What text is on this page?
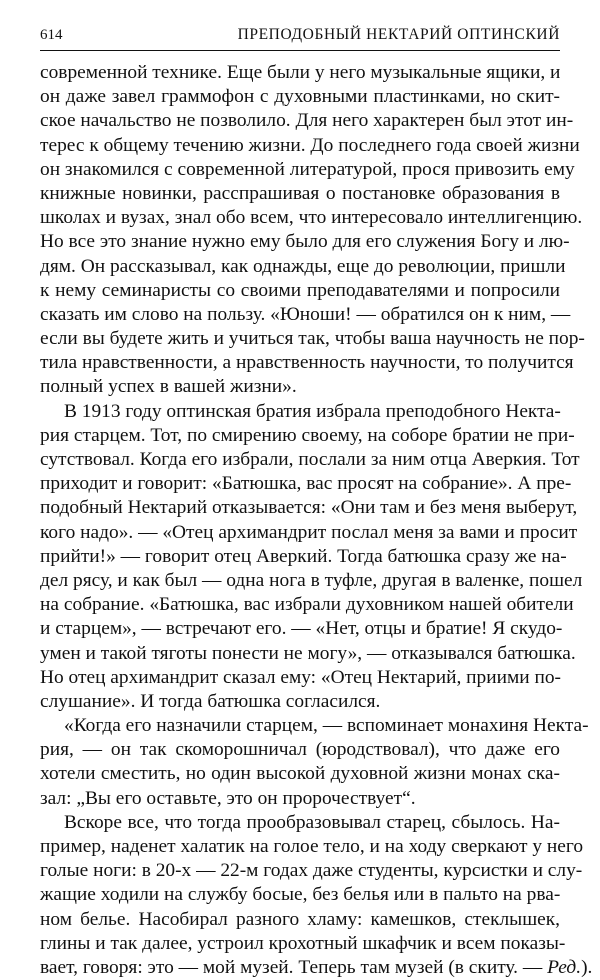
614	ПРЕПОДОБНЫЙ НЕКТАРИЙ ОПТИНСКИЙ
современной технике. Еще были у него музыкальные ящики, и
он даже завел граммофон с духовными пластинками, но скит-
ское начальство не позволило. Для него характерен был этот ин-
терес к общему течению жизни. До последнего года своей жизни
он знакомился с современной литературой, прося привозить ему
книжные новинки, расспрашивая о постановке образования в
школах и вузах, знал обо всем, что интересовало интеллигенцию.
Но все это знание нужно ему было для его служения Богу и лю-
дям. Он рассказывал, как однажды, еще до революции, пришли
к нему семинаристы со своими преподавателями и попросили
сказать им слово на пользу. «Юноши! — обратился он к ним, —
если вы будете жить и учиться так, чтобы ваша научность не пор-
тила нравственности, а нравственность научности, то получится
полный успех в вашей жизни».
В 1913 году оптинская братия избрала преподобного Некта-
рия старцем. Тот, по смирению своему, на соборе братии не при-
сутствовал. Когда его избрали, послали за ним отца Аверкия. Тот
приходит и говорит: «Батюшка, вас просят на собрание». А пре-
подобный Нектарий отказывается: «Они там и без меня выберут,
кого надо». — «Отец архимандрит послал меня за вами и просит
прийти!» — говорит отец Аверкий. Тогда батюшка сразу же на-
дел рясу, и как был — одна нога в туфле, другая в валенке, пошел
на собрание. «Батюшка, вас избрали духовником нашей обители
и старцем», — встречают его. — «Нет, отцы и братие! Я скудо-
умен и такой тяготы понести не могу», — отказывался батюшка.
Но отец архимандрит сказал ему: «Отец Нектарий, приими по-
слушание». И тогда батюшка согласился.
«Когда его назначили старцем, — вспоминает монахиня Некта-
рия, — он так скоморошничал (юродствовал), что даже его
хотели сместить, но один высокой духовной жизни монах ска-
зал: „Вы его оставьте, это он пророчествует“.
Вскоре все, что тогда прообразовывал старец, сбылось. На-
пример, наденет халатик на голое тело, и на ходу сверкают у него
голые ноги: в 20-х — 22-м годах даже студенты, курсистки и слу-
жащие ходили на службу босые, без белья или в пальто на рва-
ном белье. Насобирал разного хламу: камешков, стеклышек,
глины и так далее, устроил крохотный шкафчик и всем показы-
вает, говоря: это — мой музей. Теперь там музей (в скиту. — Ред.).
